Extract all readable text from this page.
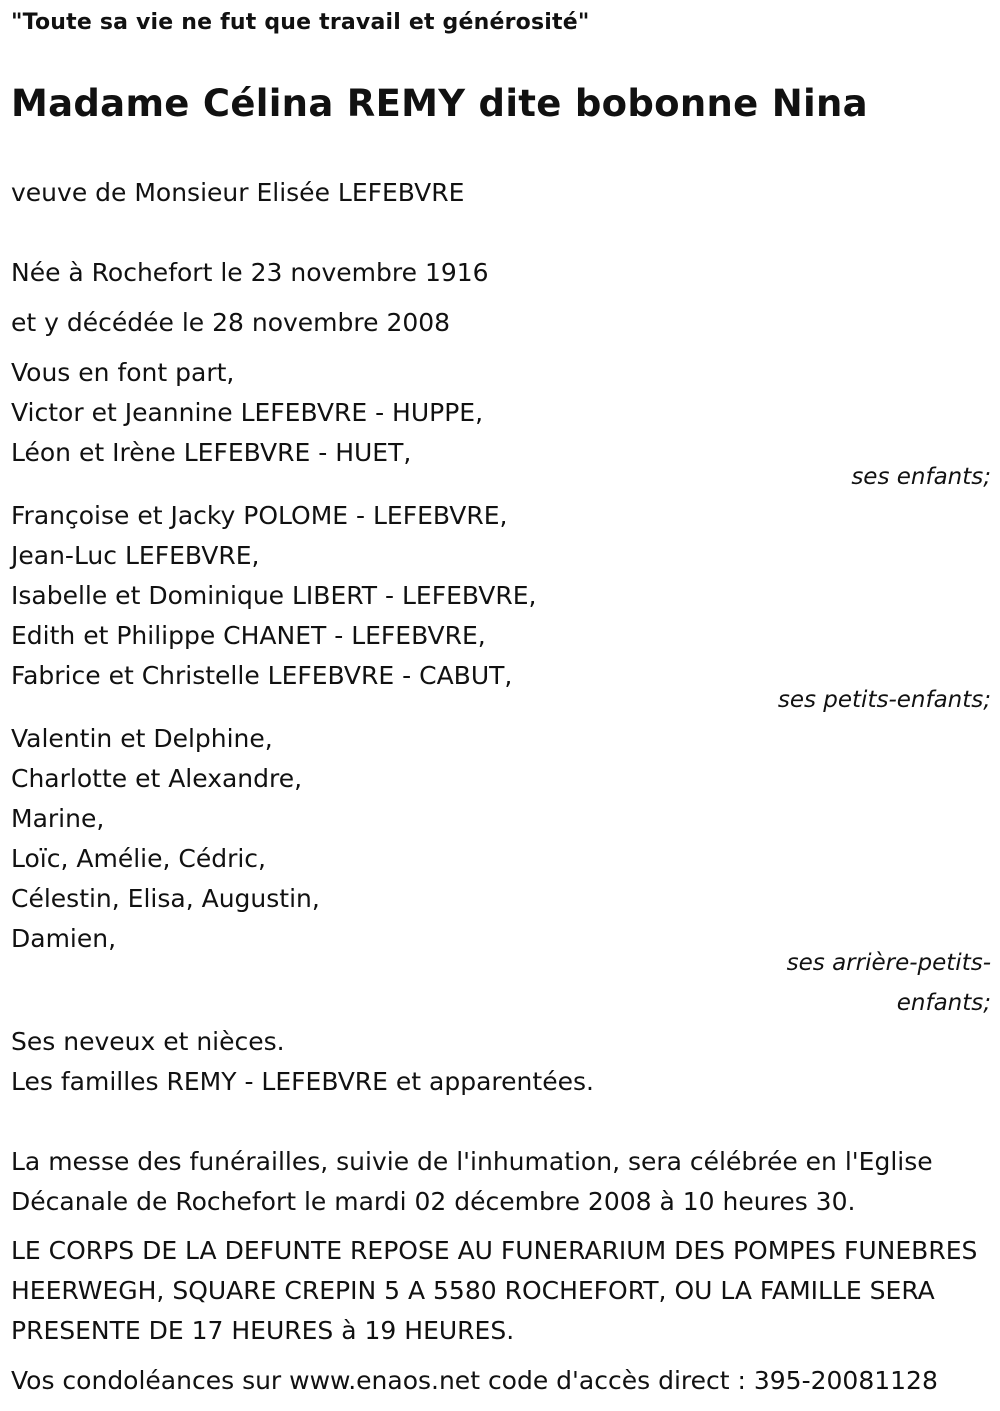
"Toute sa vie ne fut que travail et générosité"
Madame Célina REMY dite bobonne Nina
veuve de Monsieur Elisée LEFEBVRE
Née à Rochefort le 23 novembre 1916
et y décédée le 28 novembre 2008
Vous en font part,
Victor et Jeannine LEFEBVRE - HUPPE,
Léon et Irène LEFEBVRE - HUET,
ses enfants;
Françoise et Jacky POLOME - LEFEBVRE,
Jean-Luc LEFEBVRE,
Isabelle et Dominique LIBERT - LEFEBVRE,
Edith et Philippe CHANET - LEFEBVRE,
Fabrice et Christelle LEFEBVRE - CABUT,
ses petits-enfants;
Valentin et Delphine,
Charlotte et Alexandre,
Marine,
Loïc, Amélie, Cédric,
Célestin, Elisa, Augustin,
Damien,
ses arrière-petits-
enfants;
Ses neveux et nièces.
Les familles REMY - LEFEBVRE et apparentées.
La messe des funérailles, suivie de l'inhumation, sera célébrée en l'Eglise Décanale de Rochefort le mardi 02 décembre 2008 à 10 heures 30.
LE CORPS DE LA DEFUNTE REPOSE AU FUNERARIUM DES POMPES FUNEBRES HEERWEGH, SQUARE CREPIN 5 A 5580 ROCHEFORT, OU LA FAMILLE SERA PRESENTE DE 17 HEURES à 19 HEURES.
Vos condoléances sur www.enaos.net code d'accès direct : 395-20081128
